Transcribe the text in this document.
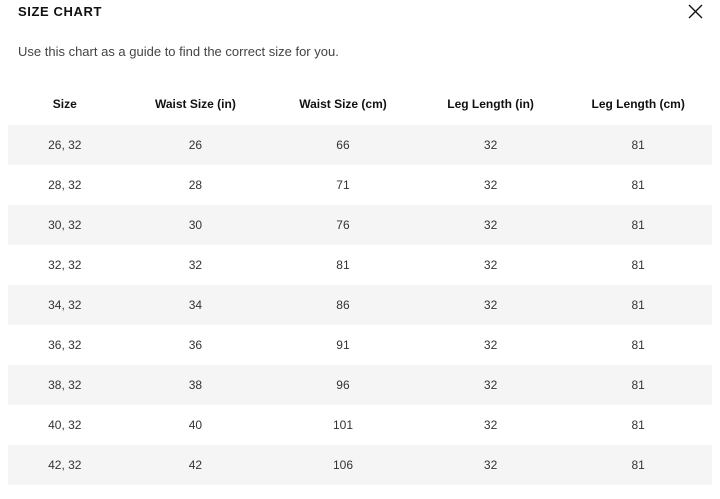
SIZE CHART

Use this chart as a guide to find the correct size for you.

Size	Waist Size (in)	Waist Size (cm)	Leg Length (in)	Leg Length (cm)
26, 32	26	66	32	81
28, 32	28	71	32	81
30, 32	30	76	32	81
32, 32	32	81	32	81
34, 32	34	86	32	81
36, 32	36	91	32	81
38, 32	38	96	32	81
40, 32	40	101	32	81
42, 32	42	106	32	81
